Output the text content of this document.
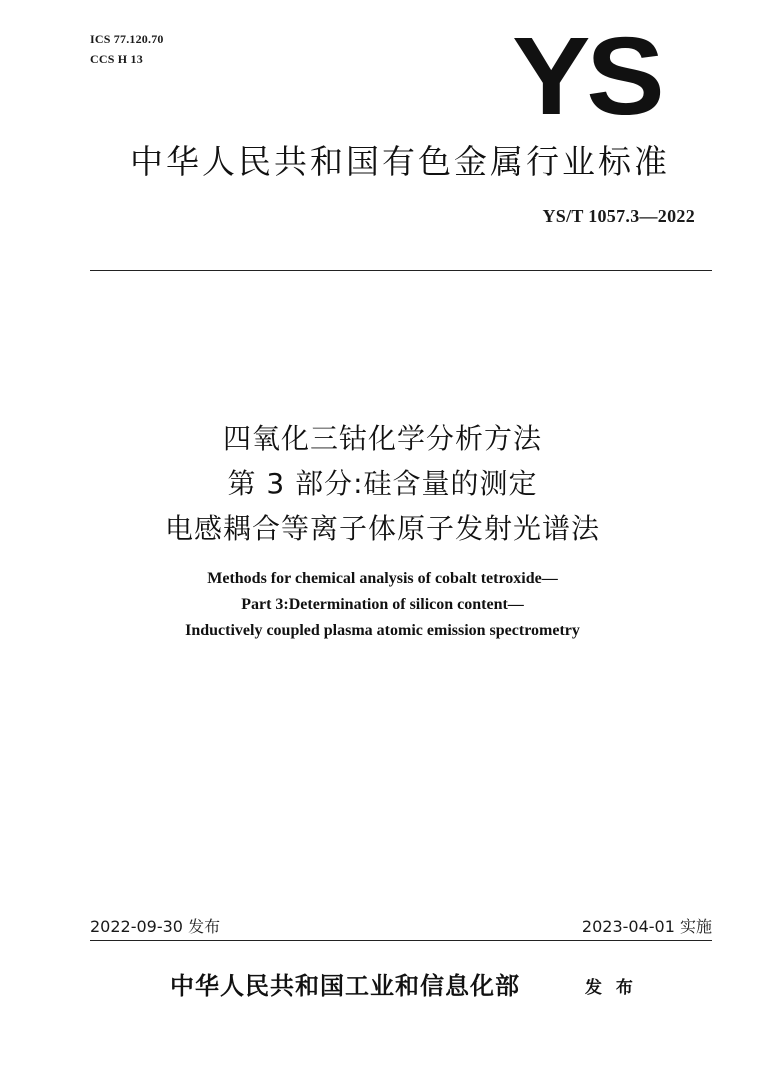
ICS 77.120.70
CCS H 13	YS
中华人民共和国有色金属行业标准
YS/T 1057.3—2022
四氧化三钴化学分析方法
第 3 部分:硅含量的测定
电感耦合等离子体原子发射光谱法
Methods for chemical analysis of cobalt tetroxide—
Part 3:Determination of silicon content—
Inductively coupled plasma atomic emission spectrometry
2022-09-30 发布	2023-04-01 实施
中华人民共和国工业和信息化部	发 布
